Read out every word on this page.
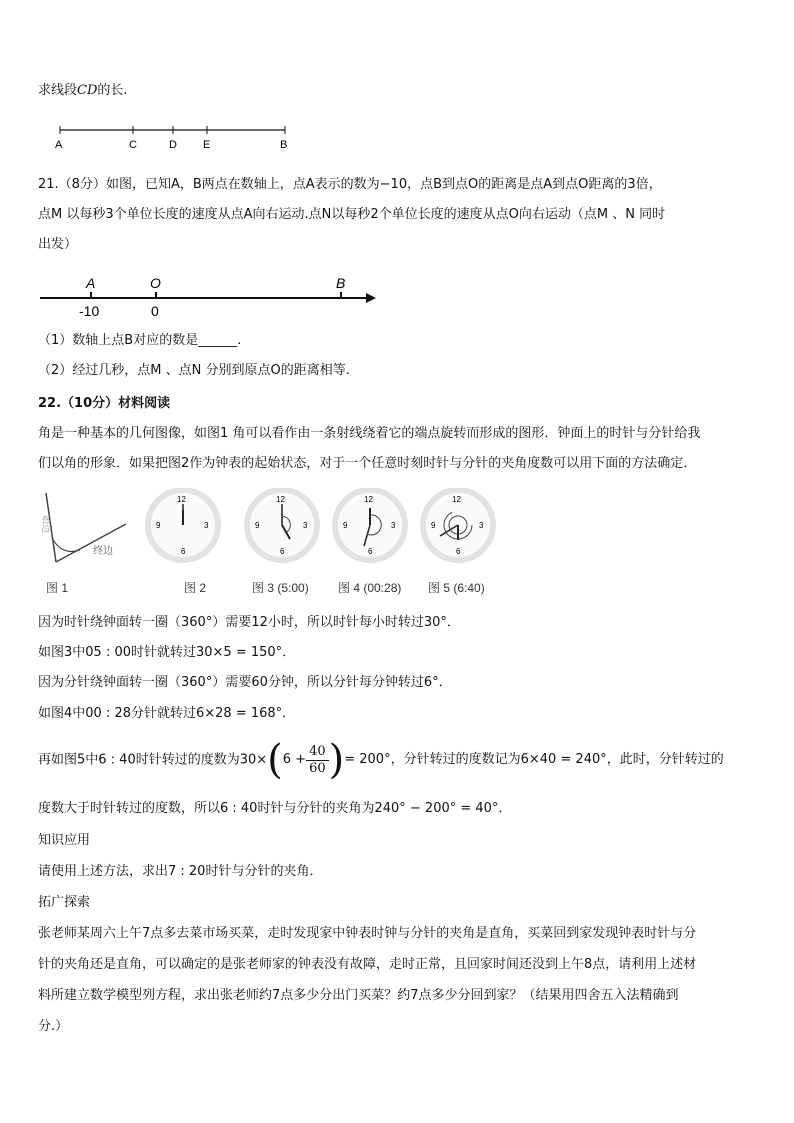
求线段CD的长.
A	C	D E	B
21.（8分）如图，已知A，B两点在数轴上，点A表示的数为−10，点B到点O的距离是点A到点O距离的3倍，
点M 以每秒3个单位长度的速度从点A向右运动.点N以每秒2个单位长度的速度从点O向右运动（点M 、N 同时
出发）
A	O	B
-10	0
（1）数轴上点B对应的数是______.
（2）经过几秒，点M 、点N 分别到原点O的距离相等.
22.（10分）材料阅读
角是一种基本的几何图像，如图1 角可以看作由一条射线绕着它的端点旋转而形成的图形．钟面上的时针与分针给我
们以角的形象．如果把图2作为钟表的起始状态，对于一个任意时刻时针与分针的夹角度数可以用下面的方法确定．
始边
终边
12
3
6
9
12
3
6
9
12
3
6
9
12
3
6
9
图 1	图 2	图 3 (5:00) 图 4 (00:28) 图 5 (6:40)
因为时针绕钟面转一圈（360°）需要12小时，所以时针每小时转过30°．
如图3中05 : 00时针就转过30×5 = 150°．
因为分针绕钟面转一圈（360°）需要60分钟，所以分针每分钟转过6°．
如图4中00 : 28分针就转过6×28 = 168°．
再如图5中6 : 40时针转过的度数为$30\times(6 + \frac{40}{60}$ )= 200°，分针转过的度数记为6×40 = 240°，此时，分针转过的
度数大于时针转过的度数，所以6 : 40时针与分针的夹角为240° − 200° = 40°．
知识应用
请使用上述方法，求出7 : 20时针与分针的夹角．
拓广探索
张老师某周六上午7点多去菜市场买菜，走时发现家中钟表时钟与分针的夹角是直角，买菜回到家发现钟表时针与分
针的夹角还是直角，可以确定的是张老师家的钟表没有故障，走时正常，且回家时间还没到上午8点，请利用上述材
料所建立数学模型列方程，求出张老师约7点多少分出门买菜？约7点多少分回到家？（结果用四舍五入法精确到
分.）
